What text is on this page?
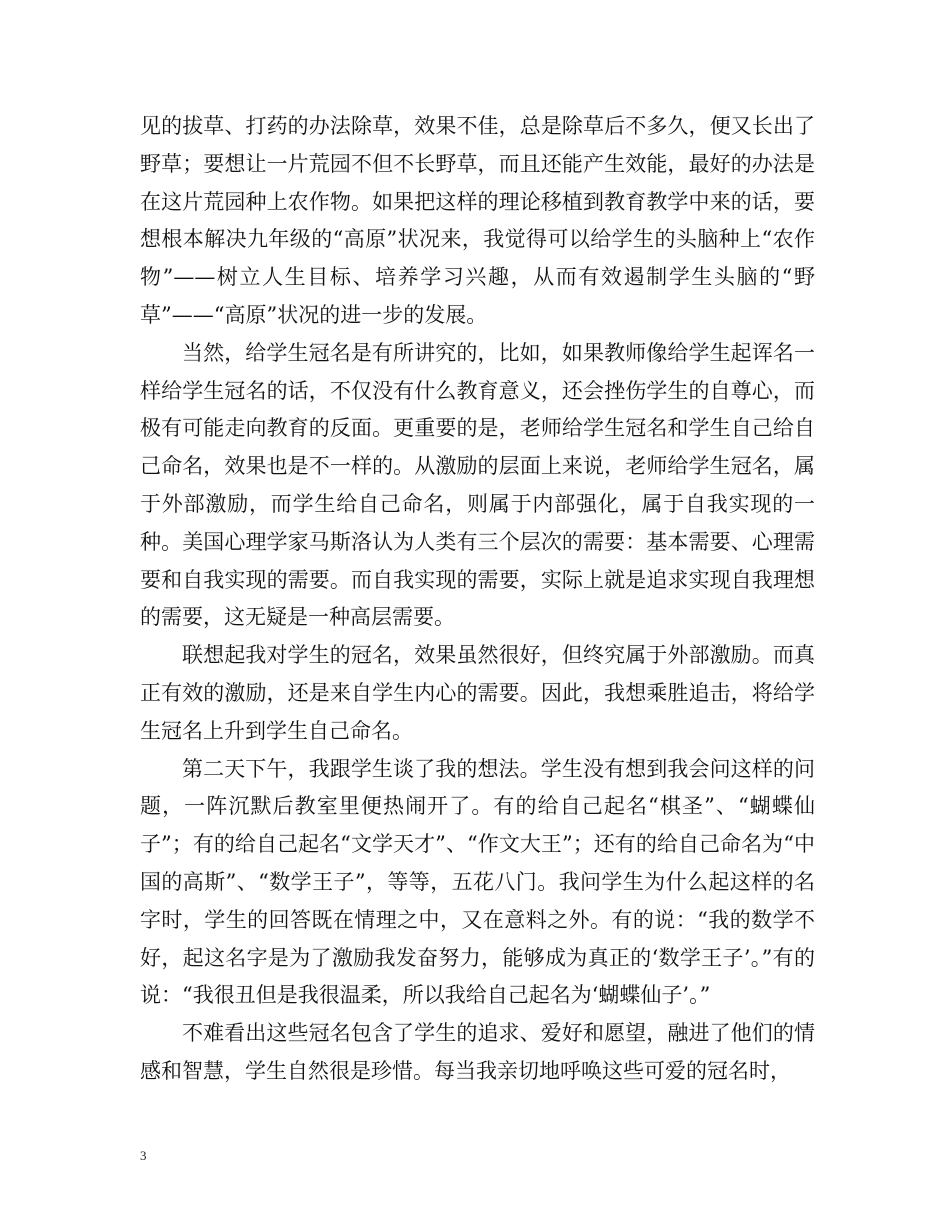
见的拔草、打药的办法除草，效果不佳，总是除草后不多久，便又长出了野草；要想让一片荒园不但不长野草，而且还能产生效能，最好的办法是在这片荒园种上农作物。如果把这样的理论移植到教育教学中来的话，要想根本解决九年级的“高原”状况来，我觉得可以给学生的头脑种上“农作物”——树立人生目标、培养学习兴趣，从而有效遏制学生头脑的“野草”——“高原”状况的进一步的发展。

当然，给学生冠名是有所讲究的，比如，如果教师像给学生起诨名一样给学生冠名的话，不仅没有什么教育意义，还会挫伤学生的自尊心，而极有可能走向教育的反面。更重要的是，老师给学生冠名和学生自己给自己命名，效果也是不一样的。从激励的层面上来说，老师给学生冠名，属于外部激励，而学生给自己命名，则属于内部强化，属于自我实现的一种。美国心理学家马斯洛认为人类有三个层次的需要：基本需要、心理需要和自我实现的需要。而自我实现的需要，实际上就是追求实现自我理想的需要，这无疑是一种高层需要。

联想起我对学生的冠名，效果虽然很好，但终究属于外部激励。而真正有效的激励，还是来自学生内心的需要。因此，我想乘胜追击，将给学生冠名上升到学生自己命名。

第二天下午，我跟学生谈了我的想法。学生没有想到我会问这样的问题，一阵沉默后教室里便热闹开了。有的给自己起名“棋圣”、“蝴蝶仙子”；有的给自己起名“文学天才”、“作文大王”；还有的给自己命名为“中国的高斯”、“数学王子”，等等，五花八门。我问学生为什么起这样的名字时，学生的回答既在情理之中，又在意料之外。有的说：“我的数学不好，起这名字是为了激励我发奋努力，能够成为真正的‘数学王子’。”有的说：“我很丑但是我很温柔，所以我给自己起名为‘蝴蝶仙子’。”

不难看出这些冠名包含了学生的追求、爱好和愿望，融进了他们的情感和智慧，学生自然很是珍惜。每当我亲切地呼唤这些可爱的冠名时，

3
